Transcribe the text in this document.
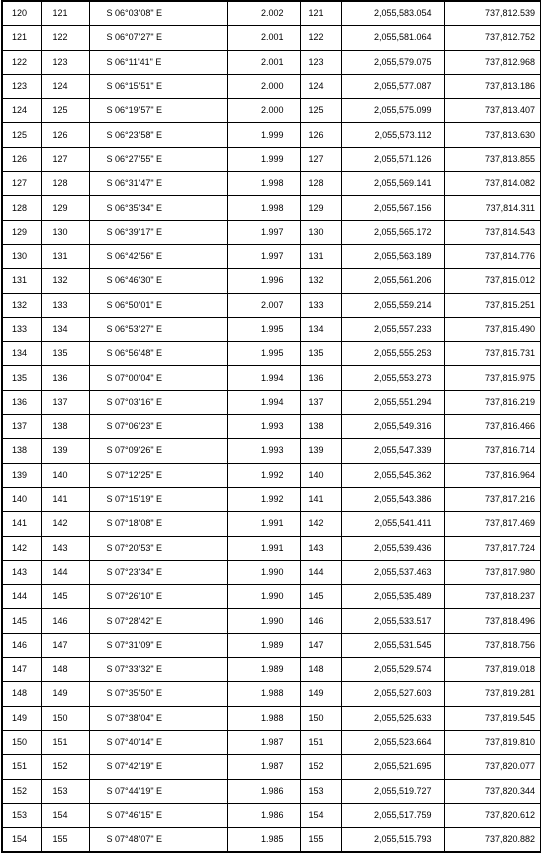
120	121	S 06°03'08" E	2.002	121	2,055,583.054	737,812.539
121	122	S 06°07'27" E	2.001	122	2,055,581.064	737,812.752
122	123	S 06°11'41" E	2.001	123	2,055,579.075	737,812.968
123	124	S 06°15'51" E	2.000	124	2,055,577.087	737,813.186
124	125	S 06°19'57" E	2.000	125	2,055,575.099	737,813.407
125	126	S 06°23'58" E	1.999	126	2,055,573.112	737,813.630
126	127	S 06°27'55" E	1.999	127	2,055,571.126	737,813.855
127	128	S 06°31'47" E	1.998	128	2,055,569.141	737,814.082
128	129	S 06°35'34" E	1.998	129	2,055,567.156	737,814.311
129	130	S 06°39'17" E	1.997	130	2,055,565.172	737,814.543
130	131	S 06°42'56" E	1.997	131	2,055,563.189	737,814.776
131	132	S 06°46'30" E	1.996	132	2,055,561.206	737,815.012
132	133	S 06°50'01" E	2.007	133	2,055,559.214	737,815.251
133	134	S 06°53'27" E	1.995	134	2,055,557.233	737,815.490
134	135	S 06°56'48" E	1.995	135	2,055,555.253	737,815.731
135	136	S 07°00'04" E	1.994	136	2,055,553.273	737,815.975
136	137	S 07°03'16" E	1.994	137	2,055,551.294	737,816.219
137	138	S 07°06'23" E	1.993	138	2,055,549.316	737,816.466
138	139	S 07°09'26" E	1.993	139	2,055,547.339	737,816.714
139	140	S 07°12'25" E	1.992	140	2,055,545.362	737,816.964
140	141	S 07°15'19" E	1.992	141	2,055,543.386	737,817.216
141	142	S 07°18'08" E	1.991	142	2,055,541.411	737,817.469
142	143	S 07°20'53" E	1.991	143	2,055,539.436	737,817.724
143	144	S 07°23'34" E	1.990	144	2,055,537.463	737,817.980
144	145	S 07°26'10" E	1.990	145	2,055,535.489	737,818.237
145	146	S 07°28'42" E	1.990	146	2,055,533.517	737,818.496
146	147	S 07°31'09" E	1.989	147	2,055,531.545	737,818.756
147	148	S 07°33'32" E	1.989	148	2,055,529.574	737,819.018
148	149	S 07°35'50" E	1.988	149	2,055,527.603	737,819.281
149	150	S 07°38'04" E	1.988	150	2,055,525.633	737,819.545
150	151	S 07°40'14" E	1.987	151	2,055,523.664	737,819.810
151	152	S 07°42'19" E	1.987	152	2,055,521.695	737,820.077
152	153	S 07°44'19" E	1.986	153	2,055,519.727	737,820.344
153	154	S 07°46'15" E	1.986	154	2,055,517.759	737,820.612
154	155	S 07°48'07" E	1.985	155	2,055,515.793	737,820.882
